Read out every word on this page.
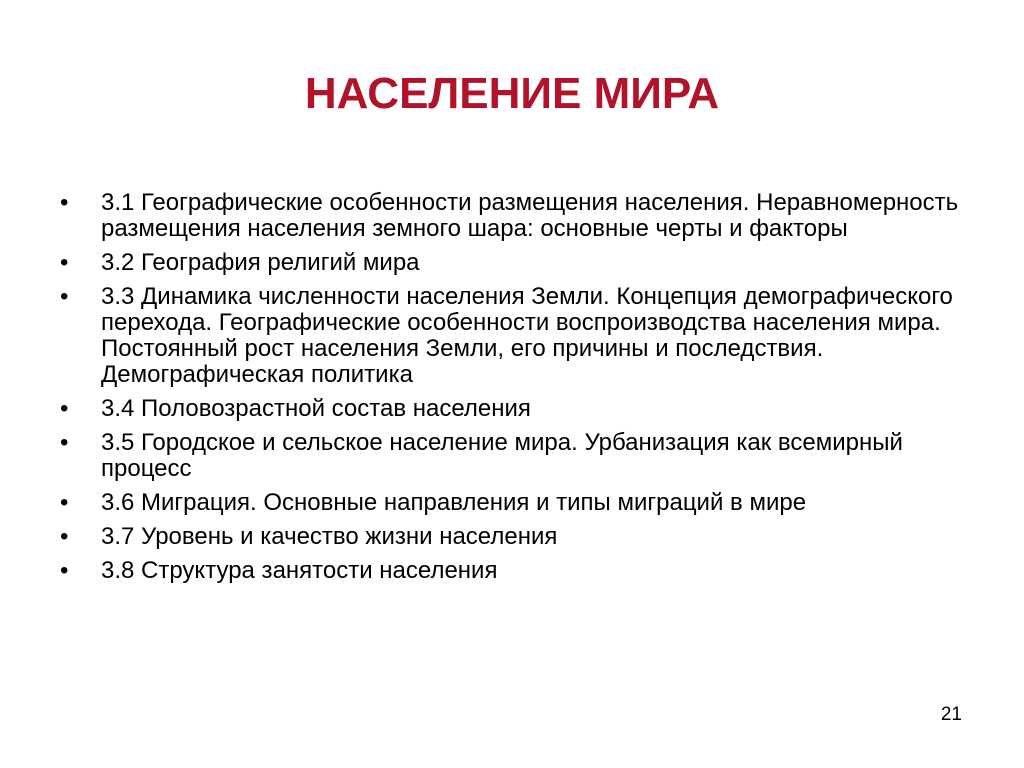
НАСЕЛЕНИЕ МИРА
•	3.1 Географические особенности размещения населения. Неравномерность размещения населения земного шара: основные черты и факторы
•	3.2 География религий мира
•	3.3 Динамика численности населения Земли. Концепция демографического перехода. Географические особенности воспроизводства населения мира. Постоянный рост населения Земли, его причины и последствия. Демографическая политика
•	3.4 Половозрастной состав населения
•	3.5 Городское и сельское население мира. Урбанизация как всемирный процесс
•	3.6 Миграция. Основные направления и типы миграций в мире
•	3.7 Уровень и качество жизни населения
•	3.8 Структура занятости населения
21
